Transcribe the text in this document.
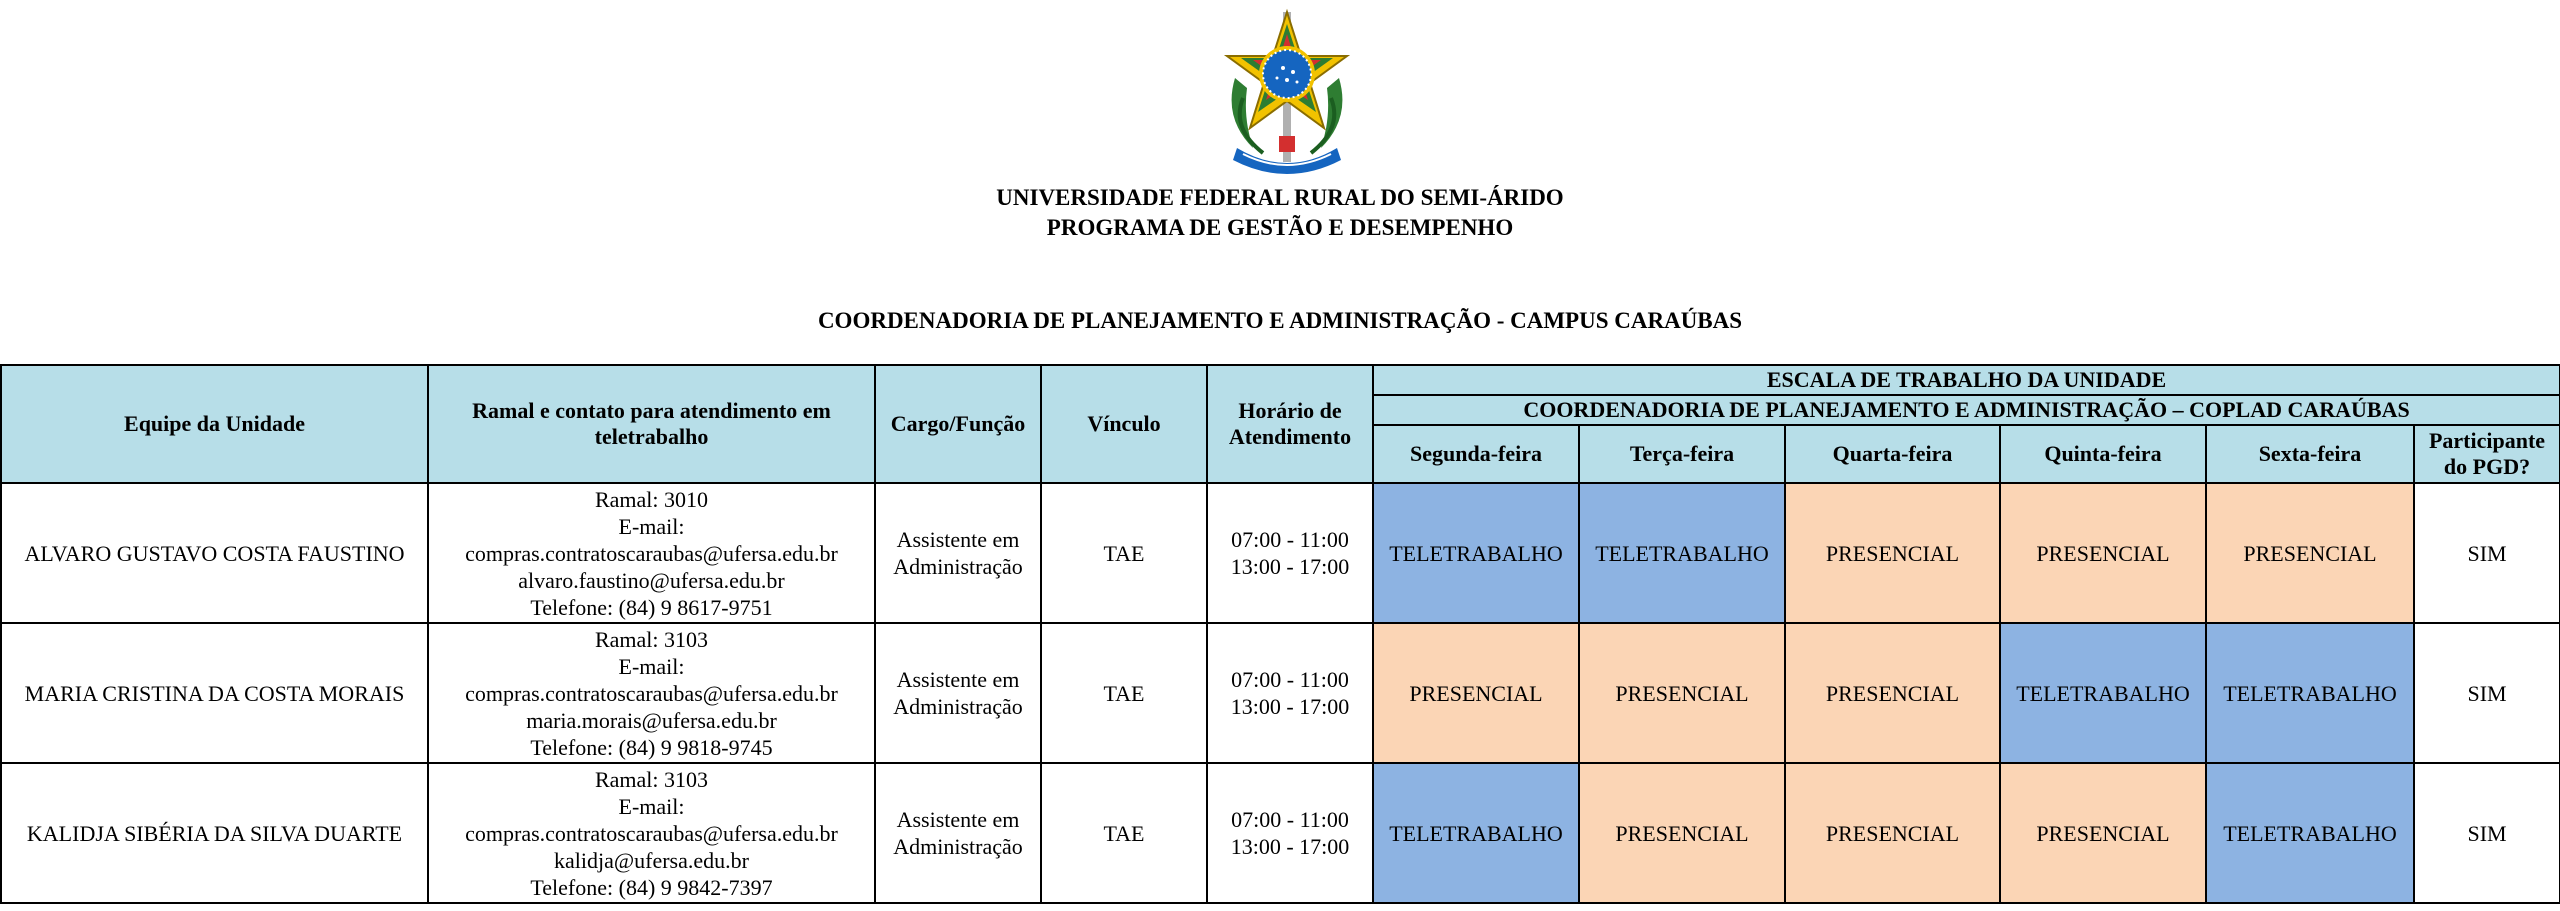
UNIVERSIDADE FEDERAL RURAL DO SEMI-ÁRIDO
PROGRAMA DE GESTÃO E DESEMPENHO
COORDENADORIA DE PLANEJAMENTO E ADMINISTRAÇÃO - CAMPUS CARAÚBAS
Equipe da Unidade	Ramal e contato para atendimento em teletrabalho	Cargo/Função	Vínculo	Horário de Atendimento	ESCALA DE TRABALHO DA UNIDADE					
					COORDENADORIA DE PLANEJAMENTO E ADMINISTRAÇÃO – COPLAD CARAÚBAS					
					Segunda-feira	Terça-feira	Quarta-feira	Quinta-feira	Sexta-feira	Participante do PGD?
ALVARO GUSTAVO COSTA FAUSTINO	Ramal: 3010
E-mail:
compras.contratoscaraubas@ufersa.edu.br
alvaro.faustino@ufersa.edu.br
Telefone: (84) 9 8617-9751	Assistente em Administração	TAE	07:00 - 11:00
13:00 - 17:00	TELETRABALHO	TELETRABALHO	PRESENCIAL	PRESENCIAL	PRESENCIAL	SIM
MARIA CRISTINA DA COSTA MORAIS	Ramal: 3103
E-mail:
compras.contratoscaraubas@ufersa.edu.br
maria.morais@ufersa.edu.br
Telefone: (84) 9 9818-9745	Assistente em Administração	TAE	07:00 - 11:00
13:00 - 17:00	PRESENCIAL	PRESENCIAL	PRESENCIAL	TELETRABALHO	TELETRABALHO	SIM
KALIDJA SIBÉRIA DA SILVA DUARTE	Ramal: 3103
E-mail:
compras.contratoscaraubas@ufersa.edu.br
kalidja@ufersa.edu.br
Telefone: (84) 9 9842-7397	Assistente em Administração	TAE	07:00 - 11:00
13:00 - 17:00	TELETRABALHO	PRESENCIAL	PRESENCIAL	PRESENCIAL	TELETRABALHO	SIM
